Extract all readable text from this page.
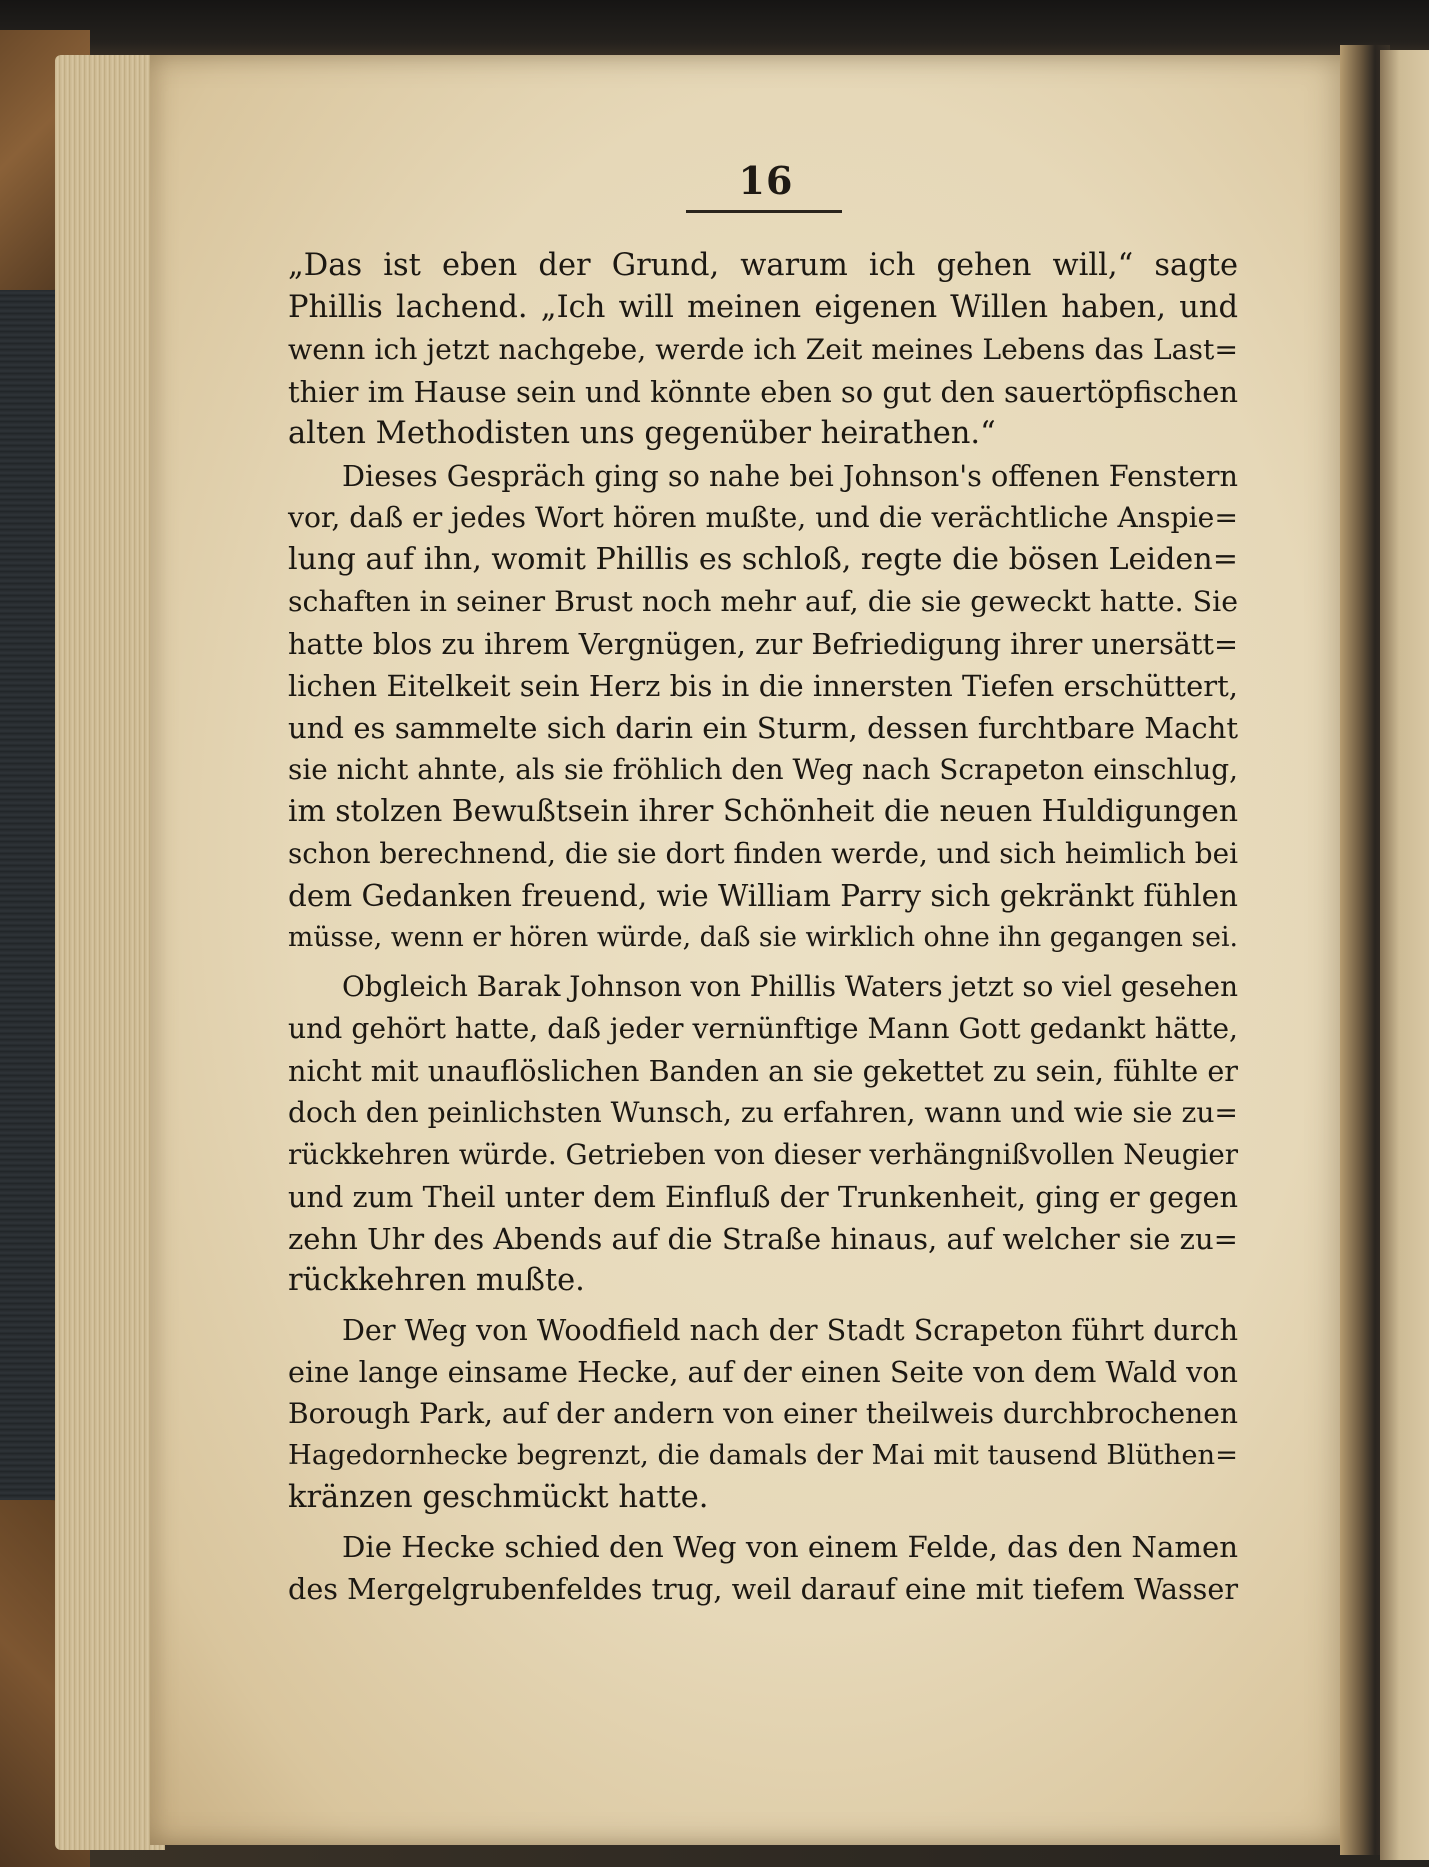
16
„Das ist eben der Grund, warum ich gehen will,“ sagte
Phillis lachend. „Ich will meinen eigenen Willen haben, und
wenn ich jetzt nachgebe, werde ich Zeit meines Lebens das Last=
thier im Hause sein und könnte eben so gut den sauertöpfischen
alten Methodisten uns gegenüber heirathen.“
Dieses Gespräch ging so nahe bei Johnson's offenen Fenstern
vor, daß er jedes Wort hören mußte, und die verächtliche Anspie=
lung auf ihn, womit Phillis es schloß, regte die bösen Leiden=
schaften in seiner Brust noch mehr auf, die sie geweckt hatte. Sie
hatte blos zu ihrem Vergnügen, zur Befriedigung ihrer unersätt=
lichen Eitelkeit sein Herz bis in die innersten Tiefen erschüttert,
und es sammelte sich darin ein Sturm, dessen furchtbare Macht
sie nicht ahnte, als sie fröhlich den Weg nach Scrapeton einschlug,
im stolzen Bewußtsein ihrer Schönheit die neuen Huldigungen
schon berechnend, die sie dort finden werde, und sich heimlich bei
dem Gedanken freuend, wie William Parry sich gekränkt fühlen
müsse, wenn er hören würde, daß sie wirklich ohne ihn gegangen sei.
Obgleich Barak Johnson von Phillis Waters jetzt so viel gesehen
und gehört hatte, daß jeder vernünftige Mann Gott gedankt hätte,
nicht mit unauflöslichen Banden an sie gekettet zu sein, fühlte er
doch den peinlichsten Wunsch, zu erfahren, wann und wie sie zu=
rückkehren würde. Getrieben von dieser verhängnißvollen Neugier
und zum Theil unter dem Einfluß der Trunkenheit, ging er gegen
zehn Uhr des Abends auf die Straße hinaus, auf welcher sie zu=
rückkehren mußte.
Der Weg von Woodfield nach der Stadt Scrapeton führt durch
eine lange einsame Hecke, auf der einen Seite von dem Wald von
Borough Park, auf der andern von einer theilweis durchbrochenen
Hagedornhecke begrenzt, die damals der Mai mit tausend Blüthen=
kränzen geschmückt hatte.
Die Hecke schied den Weg von einem Felde, das den Namen
des Mergelgrubenfeldes trug, weil darauf eine mit tiefem Wasser
